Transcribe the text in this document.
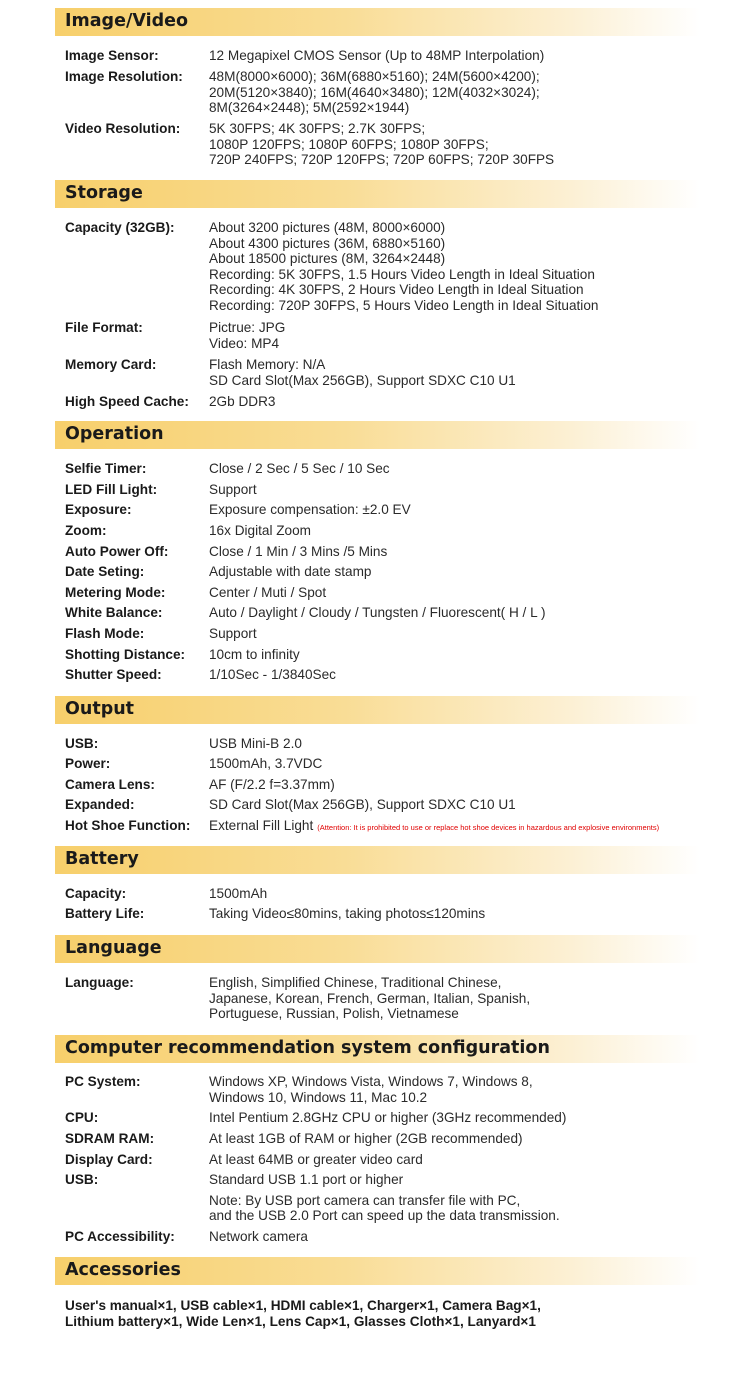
Image/Video
Image Sensor:	12 Megapixel CMOS Sensor (Up to 48MP Interpolation)
Image Resolution: 48M(8000×6000); 36M(6880×5160); 24M(5600×4200);
20M(5120×3840); 16M(4640×3480); 12M(4032×3024);
8M(3264×2448); 5M(2592×1944)
Video Resolution: 5K 30FPS; 4K 30FPS; 2.7K 30FPS;
1080P 120FPS; 1080P 60FPS; 1080P 30FPS;
720P 240FPS; 720P 120FPS; 720P 60FPS; 720P 30FPS
Storage
Capacity (32GB):	About 3200 pictures (48M, 8000×6000)
About 4300 pictures (36M, 6880×5160)
About 18500 pictures (8M, 3264×2448)
Recording: 5K 30FPS, 1.5 Hours Video Length in Ideal Situation
Recording: 4K 30FPS, 2 Hours Video Length in Ideal Situation
Recording: 720P 30FPS, 5 Hours Video Length in Ideal Situation
File Format:	Pictrue: JPG
Video: MP4
Memory Card:	Flash Memory: N/A
SD Card Slot(Max 256GB), Support SDXC C10 U1
High Speed Cache: 2Gb DDR3
Operation
Selfie Timer:	Close / 2 Sec / 5 Sec / 10 Sec
LED Fill Light:	Support
Exposure:	Exposure compensation: ±2.0 EV
Zoom:	16x Digital Zoom
Auto Power Off:	Close / 1 Min / 3 Mins /5 Mins
Date Seting:	Adjustable with date stamp
Metering Mode:	Center / Muti / Spot
White Balance:	Auto / Daylight / Cloudy / Tungsten / Fluorescent( H / L )
Flash Mode:	Support
Shotting Distance: 10cm to infinity
Shutter Speed:	1/10Sec - 1/3840Sec
Output
USB:	USB Mini-B 2.0
Power:	1500mAh, 3.7VDC
Camera Lens:	AF (F/2.2 f=3.37mm)
Expanded:	SD Card Slot(Max 256GB), Support SDXC C10 U1
Hot Shoe Function: External Fill Light (Attention: It is prohibited to use or replace hot shoe devices in hazardous and explosive environments)
Battery
Capacity:	1500mAh
Battery Life:	Taking Video≤80mins, taking photos≤120mins
Language
Language:	English, Simplified Chinese, Traditional Chinese,
Japanese, Korean, French, German, Italian, Spanish,
Portuguese, Russian, Polish, Vietnamese
Computer recommendation system configuration
PC System:	Windows XP, Windows Vista, Windows 7, Windows 8,
Windows 10, Windows 11, Mac 10.2
CPU:	Intel Pentium 2.8GHz CPU or higher (3GHz recommended)
SDRAM RAM:	At least 1GB of RAM or higher (2GB recommended)
Display Card:	At least 64MB or greater video card
USB:	Standard USB 1.1 port or higher
Note: By USB port camera can transfer file with PC,
and the USB 2.0 Port can speed up the data transmission.
PC Accessibility:	Network camera
Accessories
User's manual×1, USB cable×1, HDMI cable×1, Charger×1, Camera Bag×1,
Lithium battery×1, Wide Len×1, Lens Cap×1, Glasses Cloth×1, Lanyard×1
